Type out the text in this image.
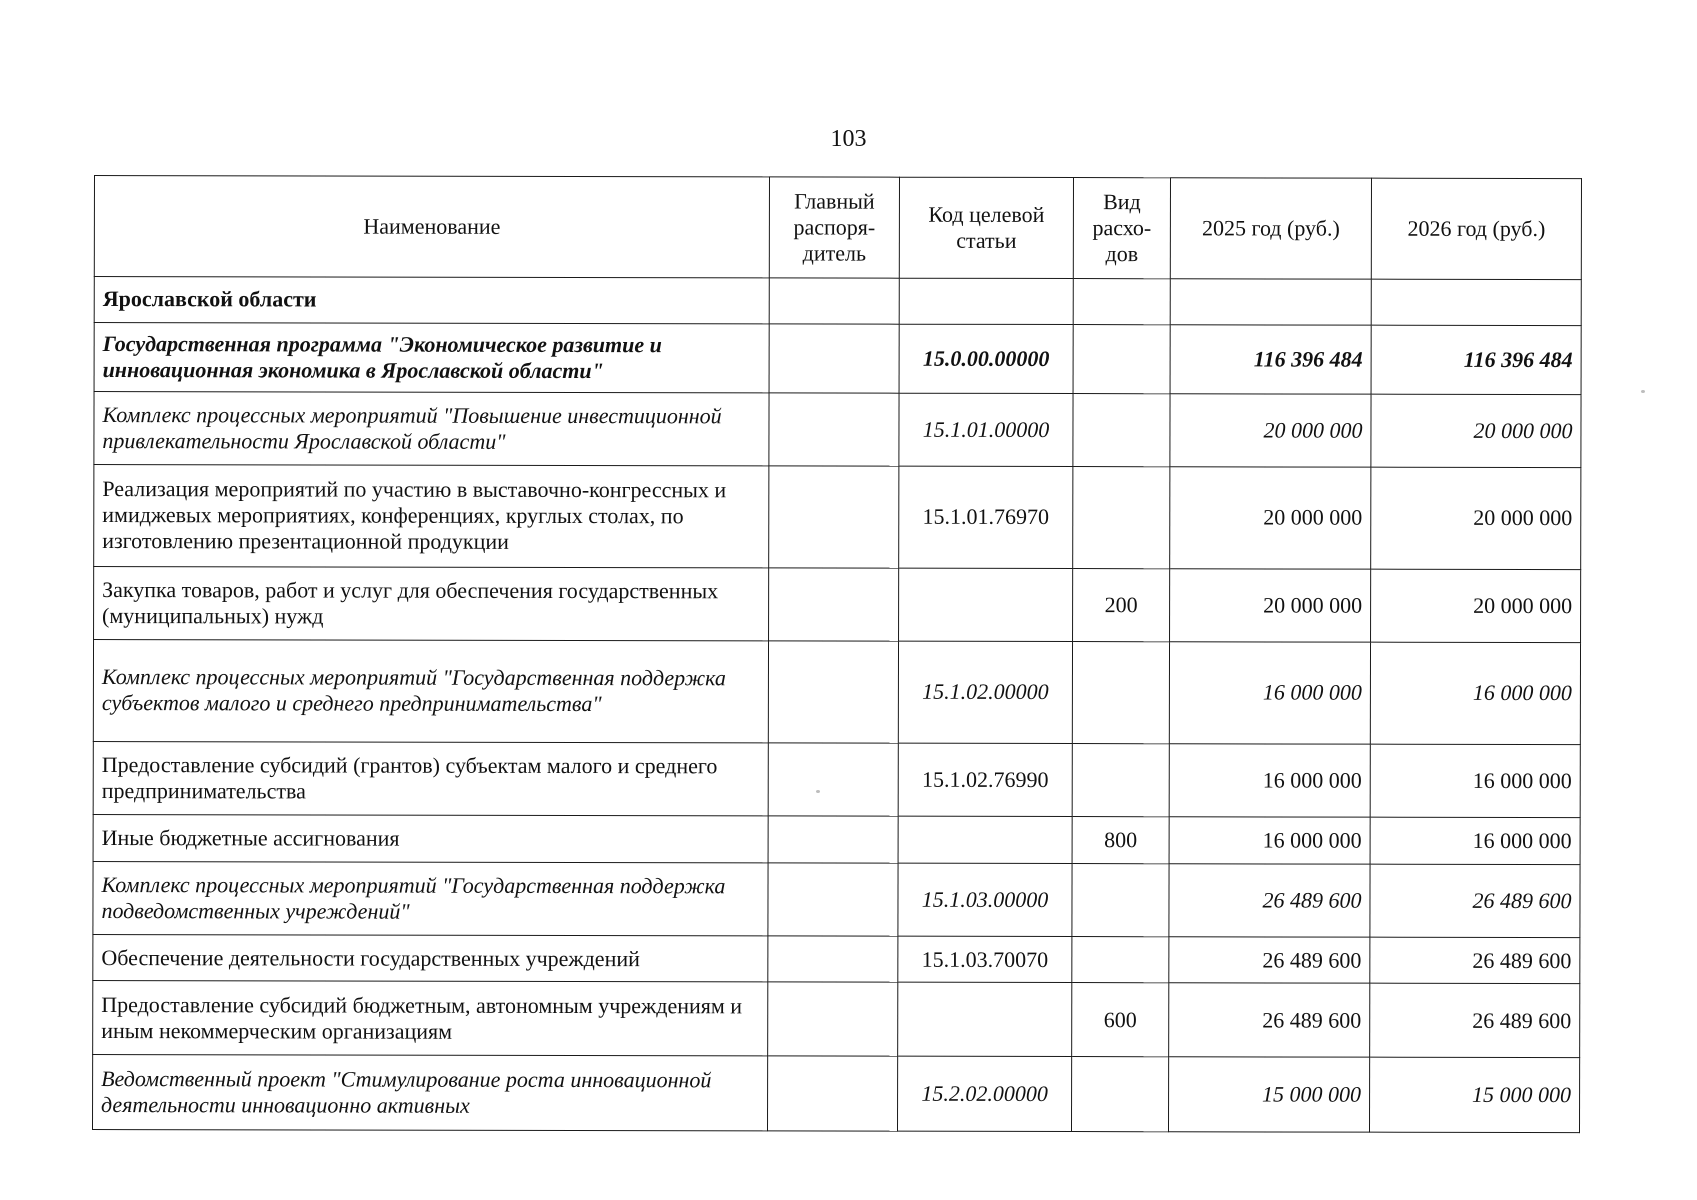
103
Наименование	Главный распоря-дитель	Код целевой статьи	Вид расхо-дов	2025 год (руб.)	2026 год (руб.)
Ярославской области					
Государственная программа "Экономическое развитие и инновационная экономика в Ярославской области"		15.0.00.00000		116 396 484	116 396 484
Комплекс процессных мероприятий "Повышение инвестиционной привлекательности Ярославской области"		15.1.01.00000		20 000 000	20 000 000
Реализация мероприятий по участию в выставочно-конгрессных и имиджевых мероприятиях, конференциях, круглых столах, по изготовлению презентационной продукции		15.1.01.76970		20 000 000	20 000 000
Закупка товаров, работ и услуг для обеспечения государственных (муниципальных) нужд			200	20 000 000	20 000 000
Комплекс процессных мероприятий "Государственная поддержка субъектов малого и среднего предпринимательства"		15.1.02.00000		16 000 000	16 000 000
Предоставление субсидий (грантов) субъектам малого и среднего предпринимательства		15.1.02.76990		16 000 000	16 000 000
Иные бюджетные ассигнования			800	16 000 000	16 000 000
Комплекс процессных мероприятий "Государственная поддержка подведомственных учреждений"		15.1.03.00000		26 489 600	26 489 600
Обеспечение деятельности государственных учреждений		15.1.03.70070		26 489 600	26 489 600
Предоставление субсидий бюджетным, автономным учреждениям и иным некоммерческим организациям			600	26 489 600	26 489 600
Ведомственный проект "Стимулирование роста инновационной деятельности инновационно активных		15.2.02.00000		15 000 000	15 000 000
